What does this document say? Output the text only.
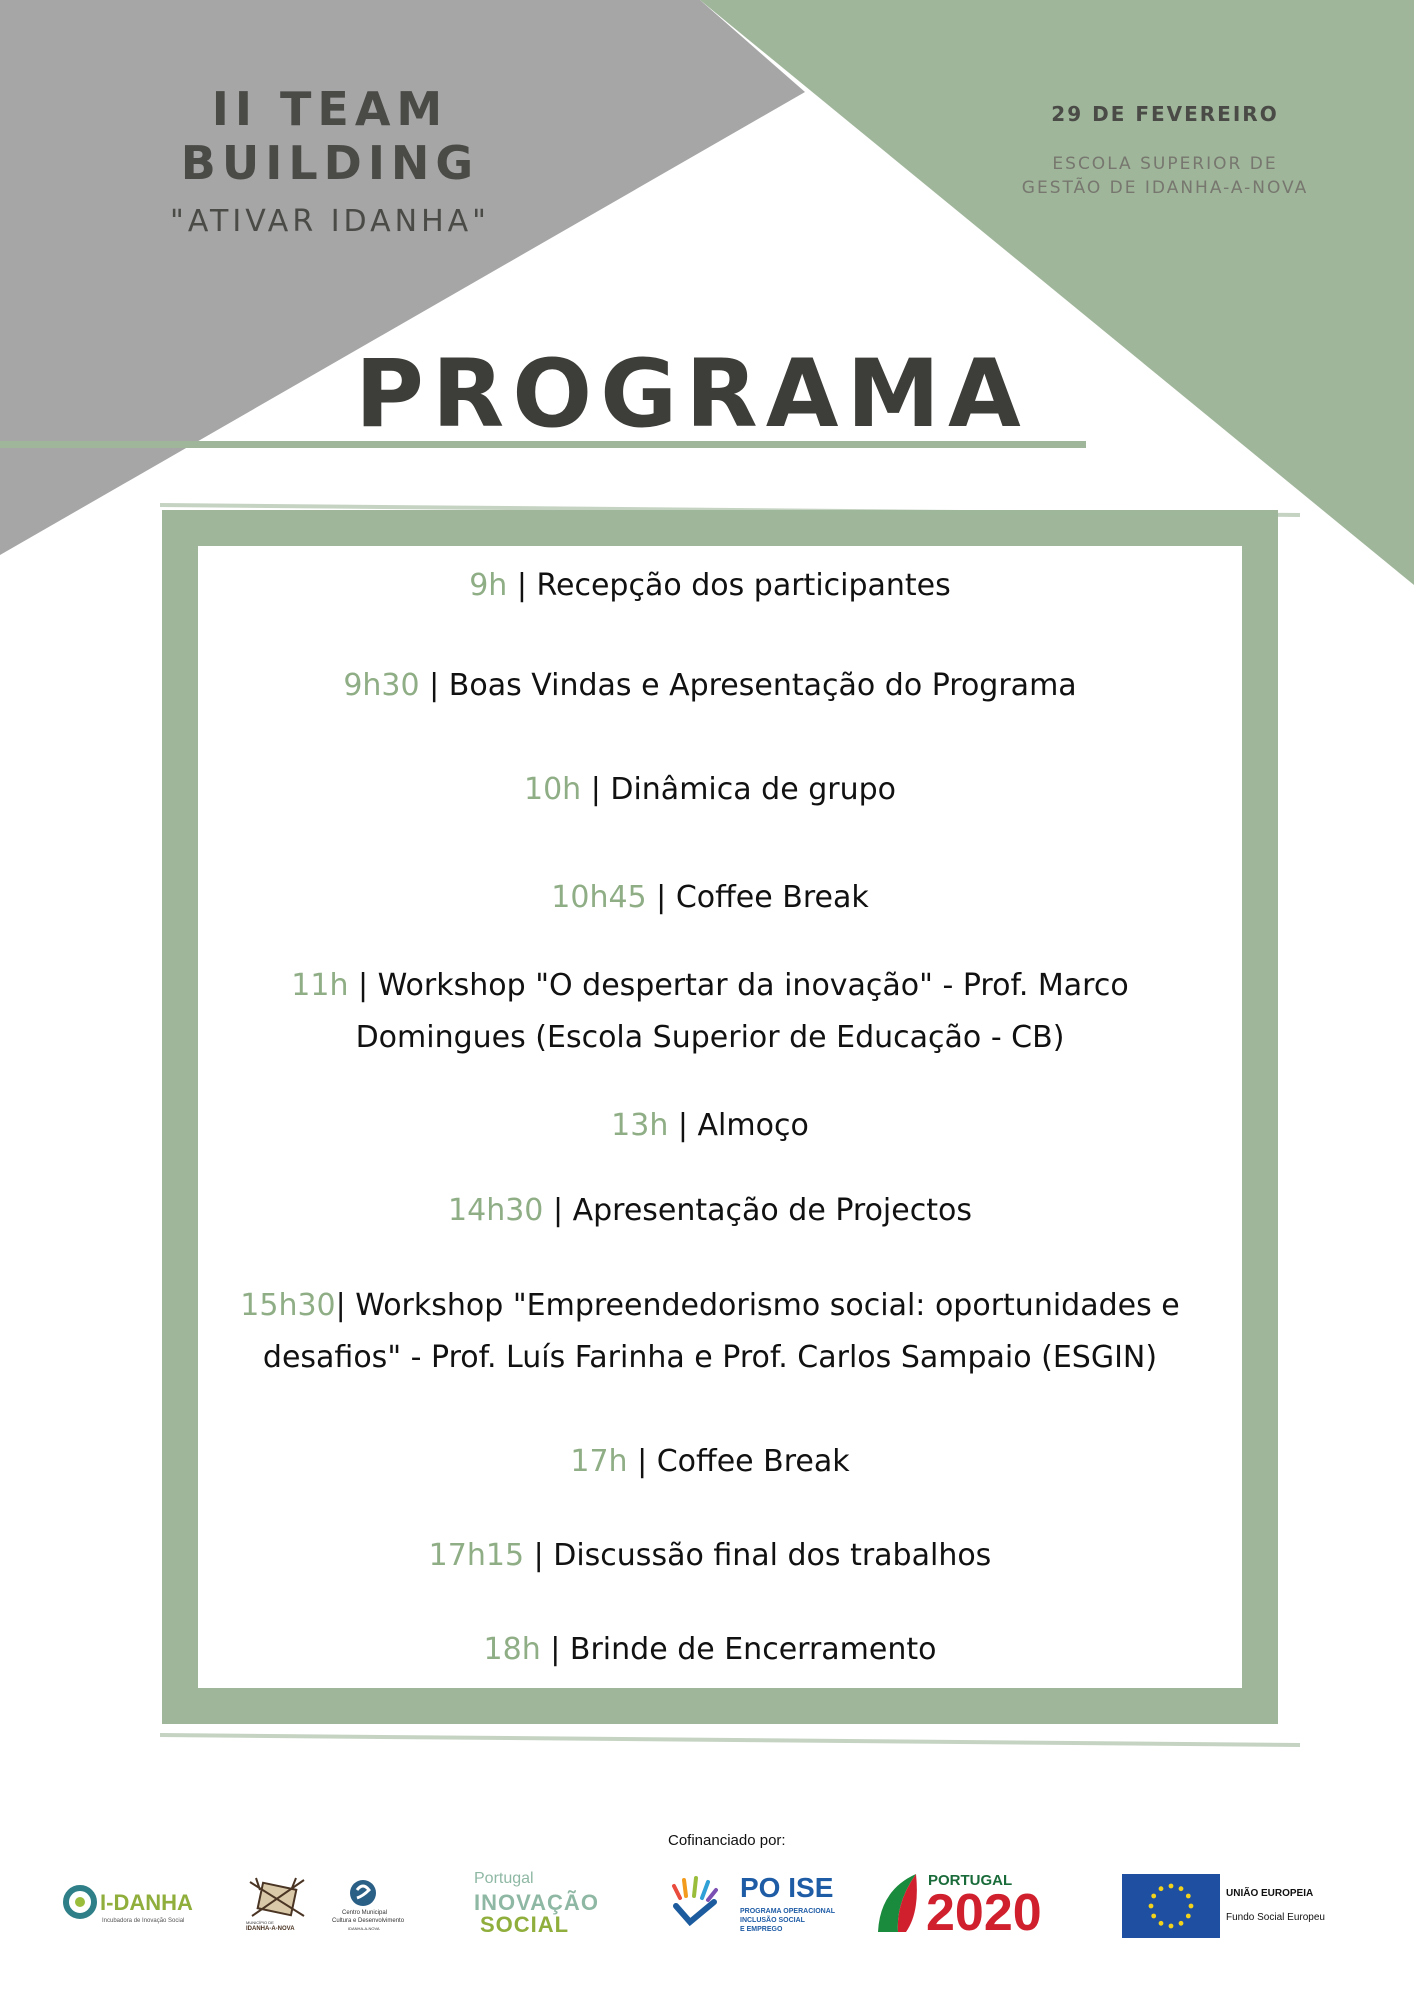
II TEAM BUILDING
"ATIVAR IDANHA"
29 DE FEVEREIRO
ESCOLA SUPERIOR DE
GESTÃO DE IDANHA-A-NOVA
PROGRAMA
9h | Recepção dos participantes
9h30 | Boas Vindas e Apresentação do Programa
10h | Dinâmica de grupo
10h45 | Coffee Break
11h | Workshop "O despertar da inovação" - Prof. Marco
Domingues (Escola Superior de Educação - CB)
13h | Almoço
14h30 | Apresentação de Projectos
15h30| Workshop "Empreendedorismo social: oportunidades e
desafios" - Prof. Luís Farinha e Prof. Carlos Sampaio (ESGIN)
17h | Coffee Break
17h15 | Discussão final dos trabalhos
18h | Brinde de Encerramento
Cofinanciado por:
I-DANHA
Incubadora de Inovação Social	MUNICÍPIO DE
IDANHA-A-NOVA
Centro Municipal
Cultura e Desenvolvimento
IDANHA-A-NOVA
Portugal
INOVAÇÃO
SOCIAL
PO ISE
PROGRAMA OPERACIONAL
INCLUSÃO SOCIAL
E EMPREGO
PORTUGAL
2020	UNIÃO EUROPEIA
Fundo Social Europeu
